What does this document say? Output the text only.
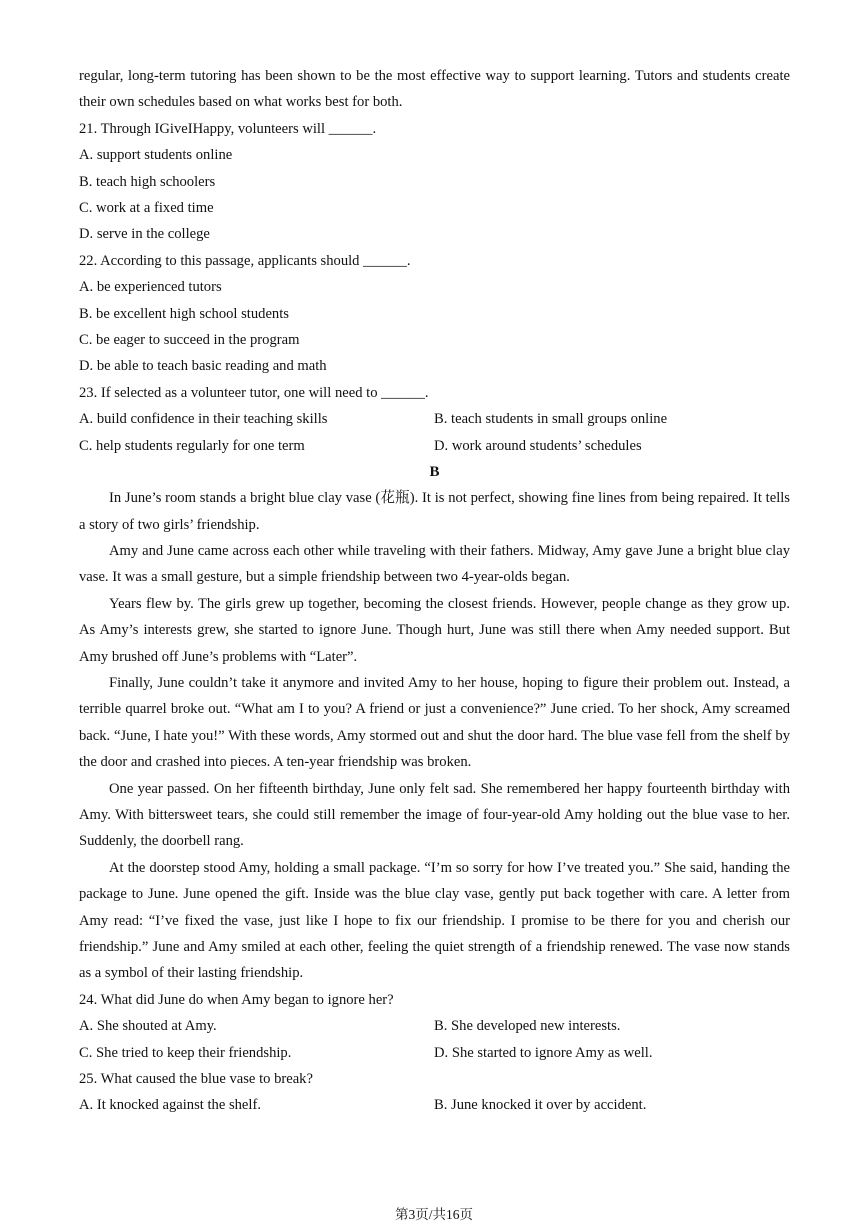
regular, long-term tutoring has been shown to be the most effective way to support learning. Tutors and students create their own schedules based on what works best for both.
21. Through IGiveIHappy, volunteers will ______.
A. support students online
B. teach high schoolers
C. work at a fixed time
D. serve in the college
22. According to this passage, applicants should ______.
A. be experienced tutors
B. be excellent high school students
C. be eager to succeed in the program
D. be able to teach basic reading and math
23. If selected as a volunteer tutor, one will need to ______.
A. build confidence in their teaching skills	B. teach students in small groups online
C. help students regularly for one term	D. work around students’ schedules
B
In June’s room stands a bright blue clay vase (花瓶). It is not perfect, showing fine lines from being repaired. It tells a story of two girls’ friendship.
Amy and June came across each other while traveling with their fathers. Midway, Amy gave June a bright blue clay vase. It was a small gesture, but a simple friendship between two 4-year-olds began.
Years flew by. The girls grew up together, becoming the closest friends. However, people change as they grow up. As Amy’s interests grew, she started to ignore June. Though hurt, June was still there when Amy needed support. But Amy brushed off June’s problems with “Later”.
Finally, June couldn’t take it anymore and invited Amy to her house, hoping to figure their problem out. Instead, a terrible quarrel broke out. “What am I to you? A friend or just a convenience?” June cried. To her shock, Amy screamed back. “June, I hate you!” With these words, Amy stormed out and shut the door hard. The blue vase fell from the shelf by the door and crashed into pieces. A ten-year friendship was broken.
One year passed. On her fifteenth birthday, June only felt sad. She remembered her happy fourteenth birthday with Amy. With bittersweet tears, she could still remember the image of four-year-old Amy holding out the blue vase to her. Suddenly, the doorbell rang.
At the doorstep stood Amy, holding a small package. “I’m so sorry for how I’ve treated you.” She said, handing the package to June. June opened the gift. Inside was the blue clay vase, gently put back together with care. A letter from Amy read: “I’ve fixed the vase, just like I hope to fix our friendship. I promise to be there for you and cherish our friendship.” June and Amy smiled at each other, feeling the quiet strength of a friendship renewed. The vase now stands as a symbol of their lasting friendship.
24. What did June do when Amy began to ignore her?
A. She shouted at Amy.	B. She developed new interests.
C. She tried to keep their friendship.	D. She started to ignore Amy as well.
25. What caused the blue vase to break?
A. It knocked against the shelf.	B. June knocked it over by accident.
第3页/共16页
